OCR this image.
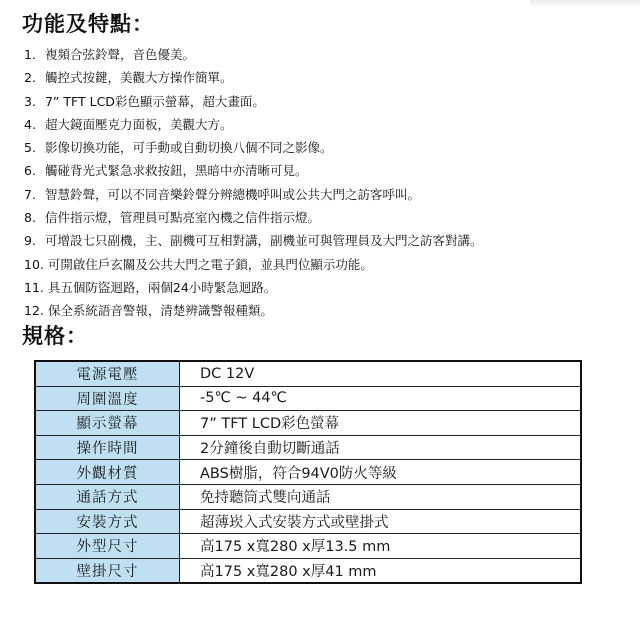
功能及特點：
1. 複頻合弦鈴聲，音色優美。
2. 觸控式按鍵，美觀大方操作簡單。
3. 7” TFT LCD彩色顯示螢幕，超大畫面。
4. 超大鏡面壓克力面板，美觀大方。
5. 影像切換功能，可手動或自動切換八個不同之影像。
6. 觸碰背光式緊急求救按鈕，黑暗中亦清晰可見。
7. 智慧鈴聲，可以不同音樂鈴聲分辨總機呼叫或公共大門之訪客呼叫。
8. 信件指示燈，管理員可點亮室內機之信件指示燈。
9. 可增設七只副機，主、副機可互相對講，副機並可與管理員及大門之訪客對講。
10. 可開啟住戶玄關及公共大門之電子鎖，並具門位顯示功能。
11. 具五個防盜迴路，兩個24小時緊急迴路。
12. 保全系統語音警報，清楚辨識警報種類。
規格：
電源電壓	DC 12V
周圍溫度	-5℃ ~ 44℃
顯示螢幕	7” TFT LCD彩色螢幕
操作時間	2分鐘後自動切斷通話
外觀材質	ABS樹脂，符合94V0防火等級
通話方式	免持聽筒式雙向通話
安裝方式	超薄崁入式安裝方式或壁掛式
外型尺寸	高175 x寬280 x厚13.5 mm
壁掛尺寸	高175 x寬280 x厚41 mm
